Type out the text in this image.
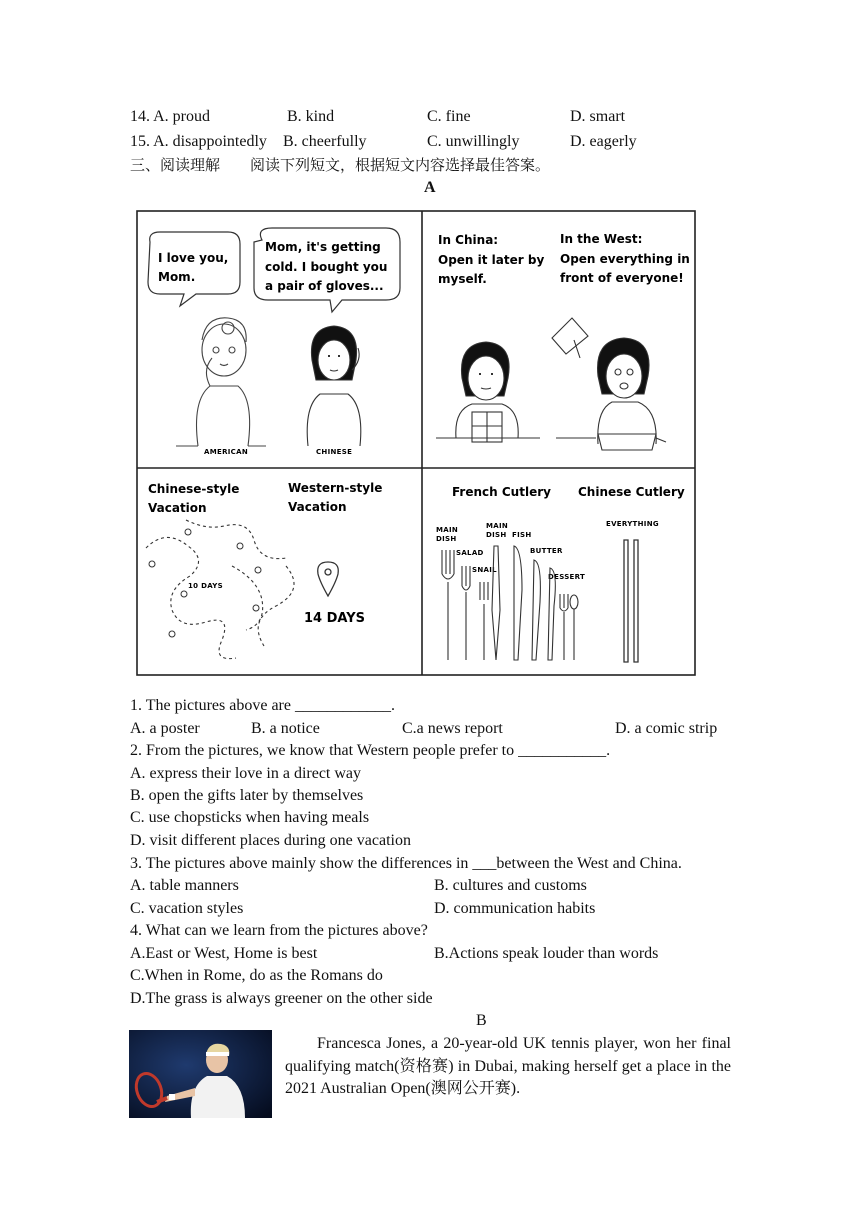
14. A. proud	B. kind	C. fine	D. smart
15. A. disappointedly B. cheerfully	C. unwillingly	D. eagerly
三、阅读理解　　阅读下列短文，根据短文内容选择最佳答案。
A
I love you,
Mom.
Mom, it's getting
cold. I bought you
a pair of gloves...
AMERICAN	CHINESE
In China:
Open it later by
myself.
In the West:
Open everything in
front of everyone!
Chinese-style
Vacation
Western-style
Vacation
10 DAYS
14 DAYS
French Cutlery Chinese Cutlery
MAIN
DISH
MAIN
DISH FISH
SALAD
SNAIL
BUTTER
DESSERT
EVERYTHING
1. The pictures above are ____________.
A. a poster	B. a notice	C.a news report	D. a comic strip
2. From the pictures, we know that Western people prefer to ___________.
A. express their love in a direct way
B. open the gifts later by themselves
C. use chopsticks when having meals
D. visit different places during one vacation
3. The pictures above mainly show the differences in ___between the West and China.
A. table manners	B. cultures and customs
C. vacation styles	D. communication habits
4. What can we learn from the pictures above?
A.East or West, Home is best	B.Actions speak louder than words
C.When in Rome, do as the Romans do
D.The grass is always greener on the other side
B
Francesca Jones, a 20-year-old UK tennis player, won her final qualifying match(资格赛) in Dubai, making herself get a place in the 2021 Australian Open(澳网公开赛).
